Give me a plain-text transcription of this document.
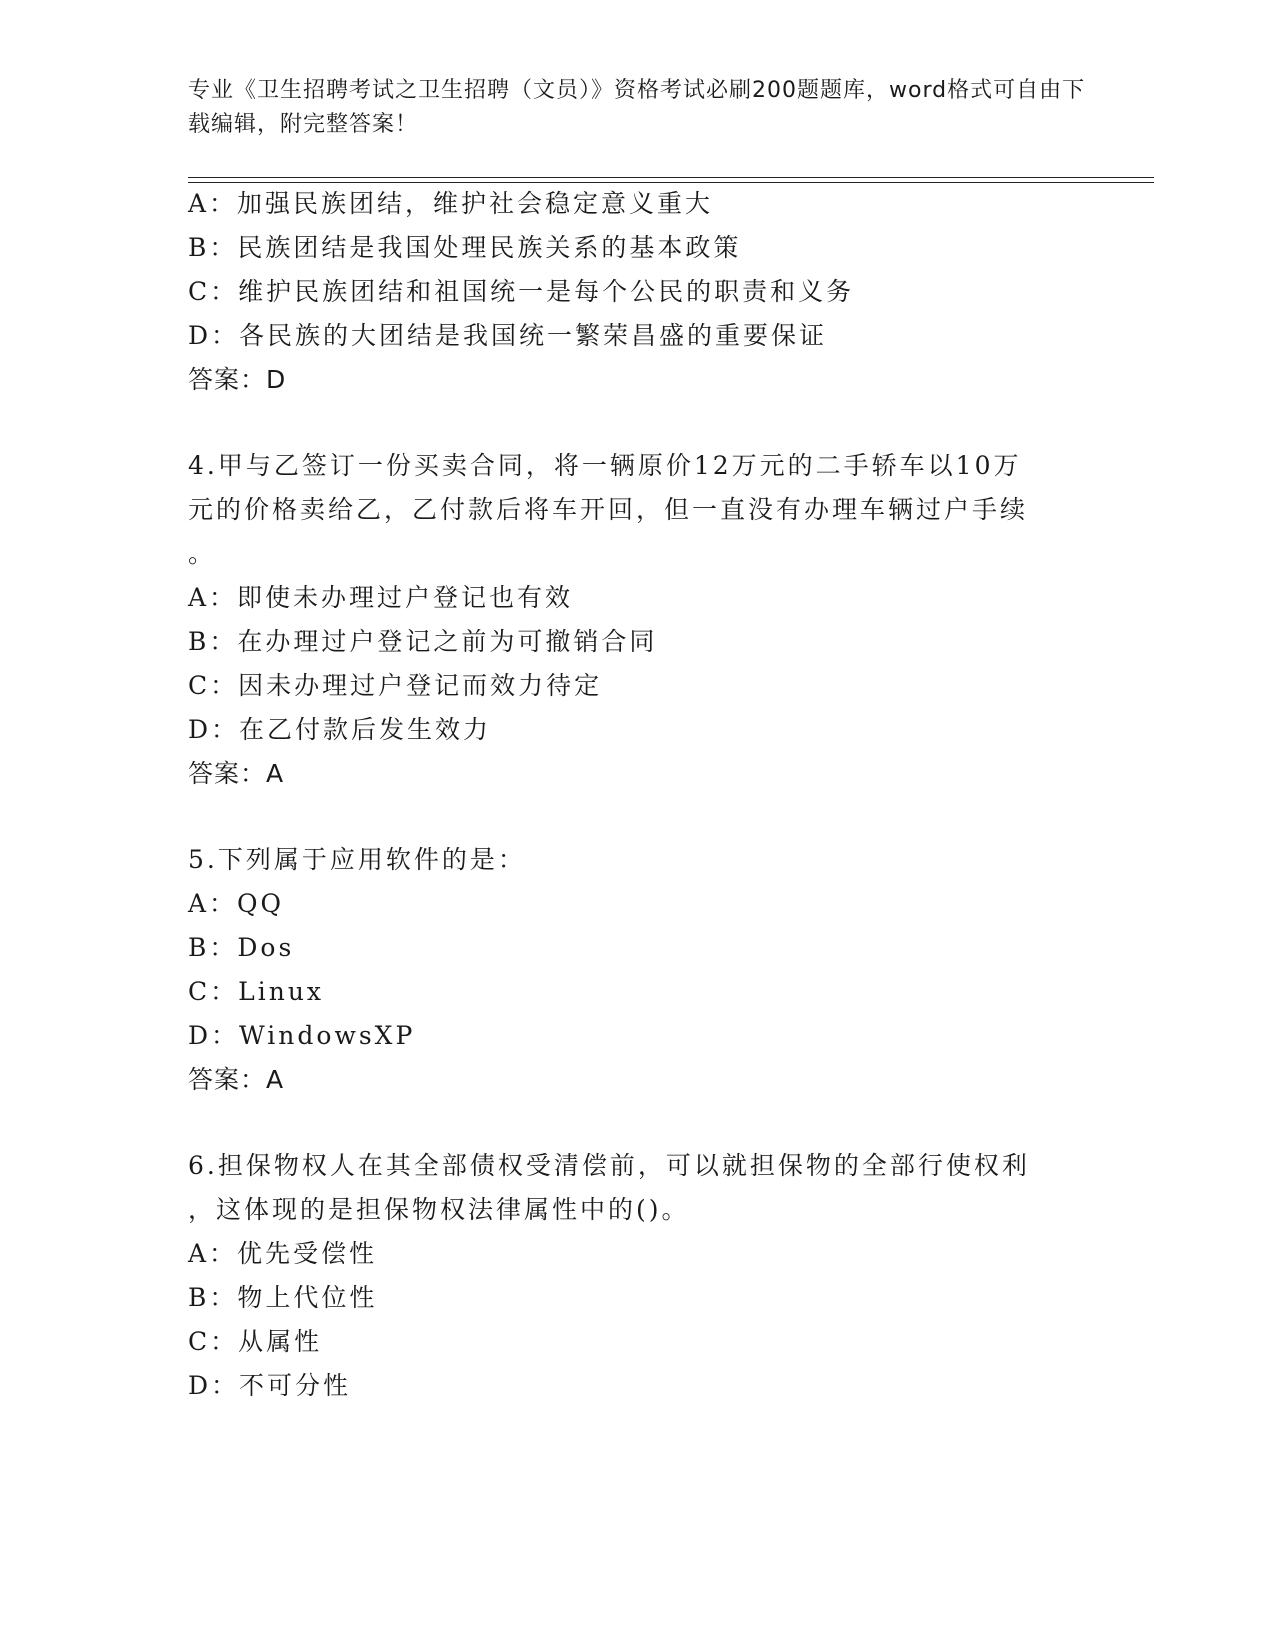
专业《卫生招聘考试之卫生招聘（文员）》资格考试必刷200题题库，word格式可自由下载编辑，附完整答案！
A：加强民族团结，维护社会稳定意义重大
B：民族团结是我国处理民族关系的基本政策
C：维护民族团结和祖国统一是每个公民的职责和义务
D：各民族的大团结是我国统一繁荣昌盛的重要保证
答案：D
4.甲与乙签订一份买卖合同，将一辆原价12万元的二手轿车以10万
元的价格卖给乙，乙付款后将车开回，但一直没有办理车辆过户手续
。
A：即使未办理过户登记也有效
B：在办理过户登记之前为可撤销合同
C：因未办理过户登记而效力待定
D：在乙付款后发生效力
答案：A
5.下列属于应用软件的是：
A：QQ
B：Dos
C：Linux
D：WindowsXP
答案：A
6.担保物权人在其全部债权受清偿前，可以就担保物的全部行使权利
，这体现的是担保物权法律属性中的()。
A：优先受偿性
B：物上代位性
C：从属性
D：不可分性
